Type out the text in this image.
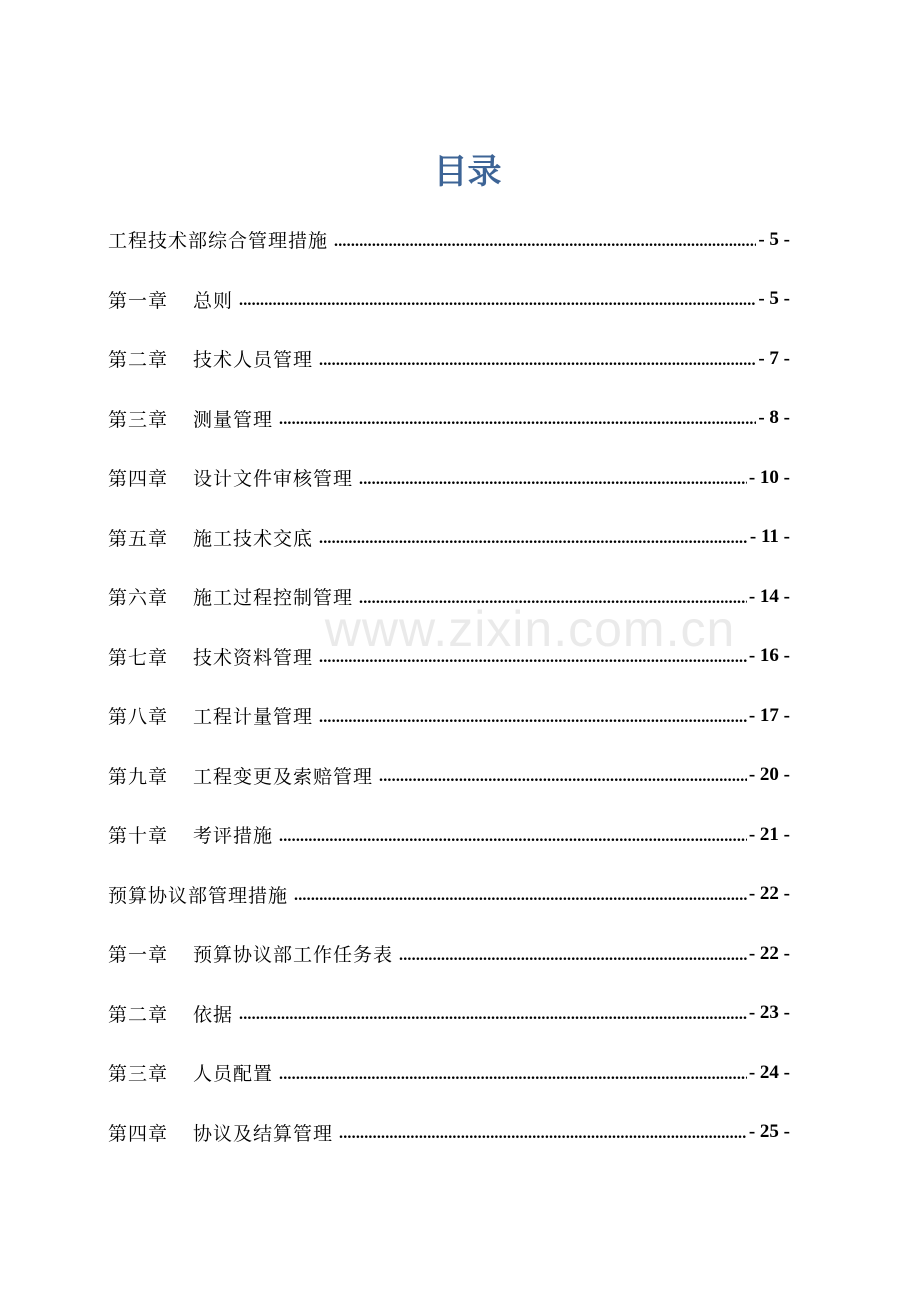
www.zixin.com.cn
目录
工程技术部综合管理措施 .....	- 5 -
第一章 总则 .....	- 5 -
第二章 技术人员管理 .....	- 7 -
第三章 测量管理 .....	- 8 -
第四章 设计文件审核管理 .....	- 10 -
第五章 施工技术交底 .....	- 11 -
第六章 施工过程控制管理 .....	- 14 -
第七章 技术资料管理 .....	- 16 -
第八章 工程计量管理 .....	- 17 -
第九章 工程变更及索赔管理 .....	- 20 -
第十章 考评措施 .....	- 21 -
预算协议部管理措施 .....	- 22 -
第一章 预算协议部工作任务表 .....	- 22 -
第二章 依据 .....	- 23 -
第三章 人员配置 .....	- 24 -
第四章 协议及结算管理 .....	- 25 -
